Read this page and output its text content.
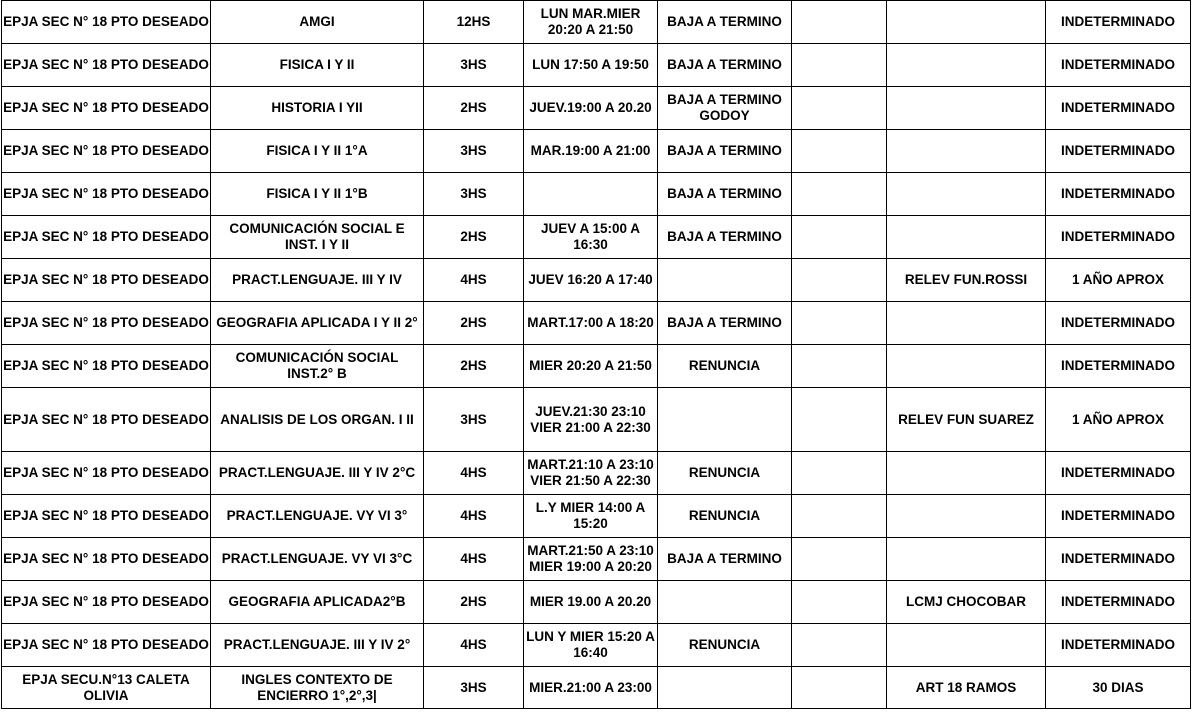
EPJA SEC N° 18 PTO DESEADO	AMGI	12HS	LUN MAR.MIER 20:20 A 21:50	BAJA A TERMINO			INDETERMINADO
EPJA SEC N° 18 PTO DESEADO	FISICA I Y II	3HS	LUN 17:50 A 19:50	BAJA A TERMINO			INDETERMINADO
EPJA SEC N° 18 PTO DESEADO	HISTORIA I YII	2HS	JUEV.19:00 A 20.20	BAJA A TERMINO GODOY			INDETERMINADO
EPJA SEC N° 18 PTO DESEADO	FISICA I Y II 1°A	3HS	MAR.19:00 A 21:00	BAJA A TERMINO			INDETERMINADO
EPJA SEC N° 18 PTO DESEADO	FISICA I Y II 1°B	3HS		BAJA A TERMINO			INDETERMINADO
EPJA SEC N° 18 PTO DESEADO	COMUNICACIÓN SOCIAL E INST. I Y II	2HS	JUEV A 15:00 A 16:30	BAJA A TERMINO			INDETERMINADO
EPJA SEC N° 18 PTO DESEADO	PRACT.LENGUAJE. III Y IV	4HS	JUEV 16:20 A 17:40			RELEV FUN.ROSSI	1 AÑO APROX
EPJA SEC N° 18 PTO DESEADO	GEOGRAFIA APLICADA I Y II 2°	2HS	MART.17:00 A 18:20	BAJA A TERMINO			INDETERMINADO
EPJA SEC N° 18 PTO DESEADO	COMUNICACIÓN SOCIAL INST.2° B	2HS	MIER 20:20 A 21:50	RENUNCIA			INDETERMINADO
EPJA SEC N° 18 PTO DESEADO	ANALISIS DE LOS ORGAN. I II	3HS	JUEV.21:30 23:10 VIER 21:00 A 22:30			RELEV FUN SUAREZ	1 AÑO APROX
EPJA SEC N° 18 PTO DESEADO	PRACT.LENGUAJE. III Y IV 2°C	4HS	MART.21:10 A 23:10 VIER 21:50 A 22:30	RENUNCIA			INDETERMINADO
EPJA SEC N° 18 PTO DESEADO	PRACT.LENGUAJE. VY VI 3°	4HS	L.Y MIER 14:00 A 15:20	RENUNCIA			INDETERMINADO
EPJA SEC N° 18 PTO DESEADO	PRACT.LENGUAJE. VY VI 3°C	4HS	MART.21:50 A 23:10 MIER 19:00 A 20:20	BAJA A TERMINO			INDETERMINADO
EPJA SEC N° 18 PTO DESEADO	GEOGRAFIA APLICADA2°B	2HS	MIER 19.00 A 20.20			LCMJ CHOCOBAR	INDETERMINADO
EPJA SEC N° 18 PTO DESEADO	PRACT.LENGUAJE. III Y IV 2°	4HS	LUN Y MIER 15:20 A 16:40	RENUNCIA			INDETERMINADO
EPJA SECU.N°13 CALETA OLIVIA	INGLES CONTEXTO DE ENCIERRO 1°,2°,3|	3HS	MIER.21:00 A 23:00			ART 18 RAMOS	30 DIAS
